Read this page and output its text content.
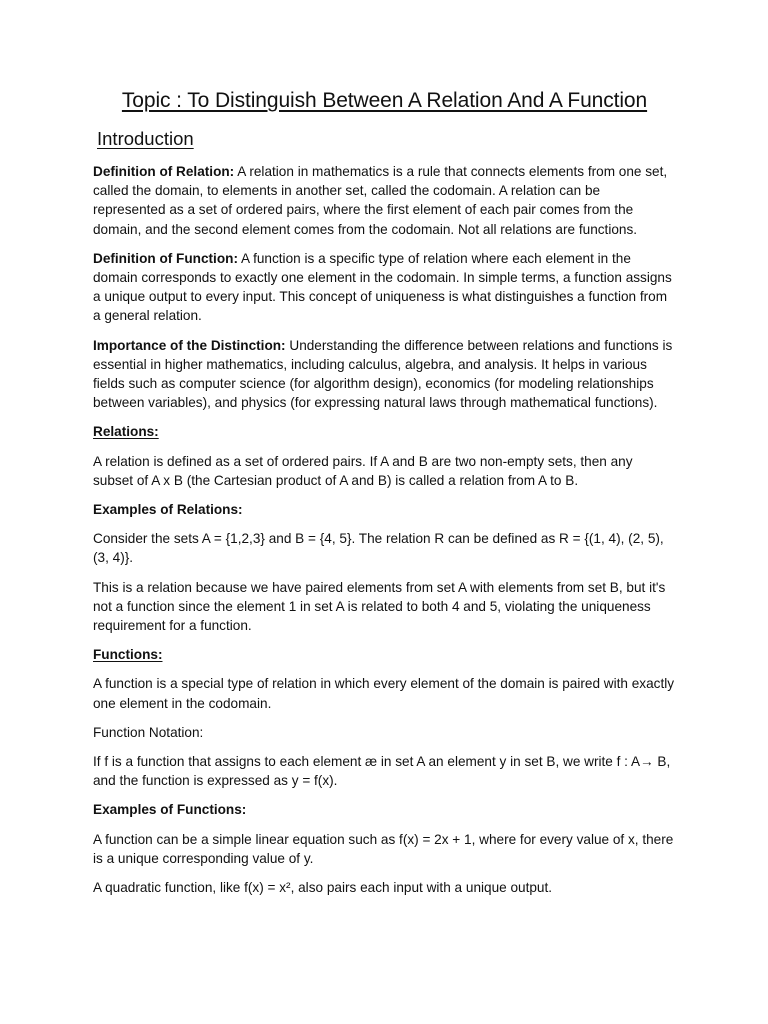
Topic : To Distinguish Between A Relation And A Function
Introduction

Definition of Relation: A relation in mathematics is a rule that connects elements from one set, called the domain, to elements in another set, called the codomain. A relation can be represented as a set of ordered pairs, where the first element of each pair comes from the domain, and the second element comes from the codomain. Not all relations are functions.

Definition of Function: A function is a specific type of relation where each element in the domain corresponds to exactly one element in the codomain. In simple terms, a function assigns a unique output to every input. This concept of uniqueness is what distinguishes a function from a general relation.

Importance of the Distinction: Understanding the difference between relations and functions is essential in higher mathematics, including calculus, algebra, and analysis. It helps in various fields such as computer science (for algorithm design), economics (for modeling relationships between variables), and physics (for expressing natural laws through mathematical functions).

Relations:

A relation is defined as a set of ordered pairs. If A and B are two non-empty sets, then any subset of A x B (the Cartesian product of A and B) is called a relation from A to B.

Examples of Relations:

Consider the sets A = {1,2,3} and B = {4, 5}. The relation R can be defined as R = {(1, 4), (2, 5), (3, 4)}.

This is a relation because we have paired elements from set A with elements from set B, but it's not a function since the element 1 in set A is related to both 4 and 5, violating the uniqueness requirement for a function.

Functions:

A function is a special type of relation in which every element of the domain is paired with exactly one element in the codomain.

Function Notation:

If f is a function that assigns to each element æ in set A an element y in set B, we write f : A→ B, and the function is expressed as y = f(x).

Examples of Functions:

A function can be a simple linear equation such as f(x) = 2x + 1, where for every value of x, there is a unique corresponding value of y.

A quadratic function, like f(x) = x², also pairs each input with a unique output.
